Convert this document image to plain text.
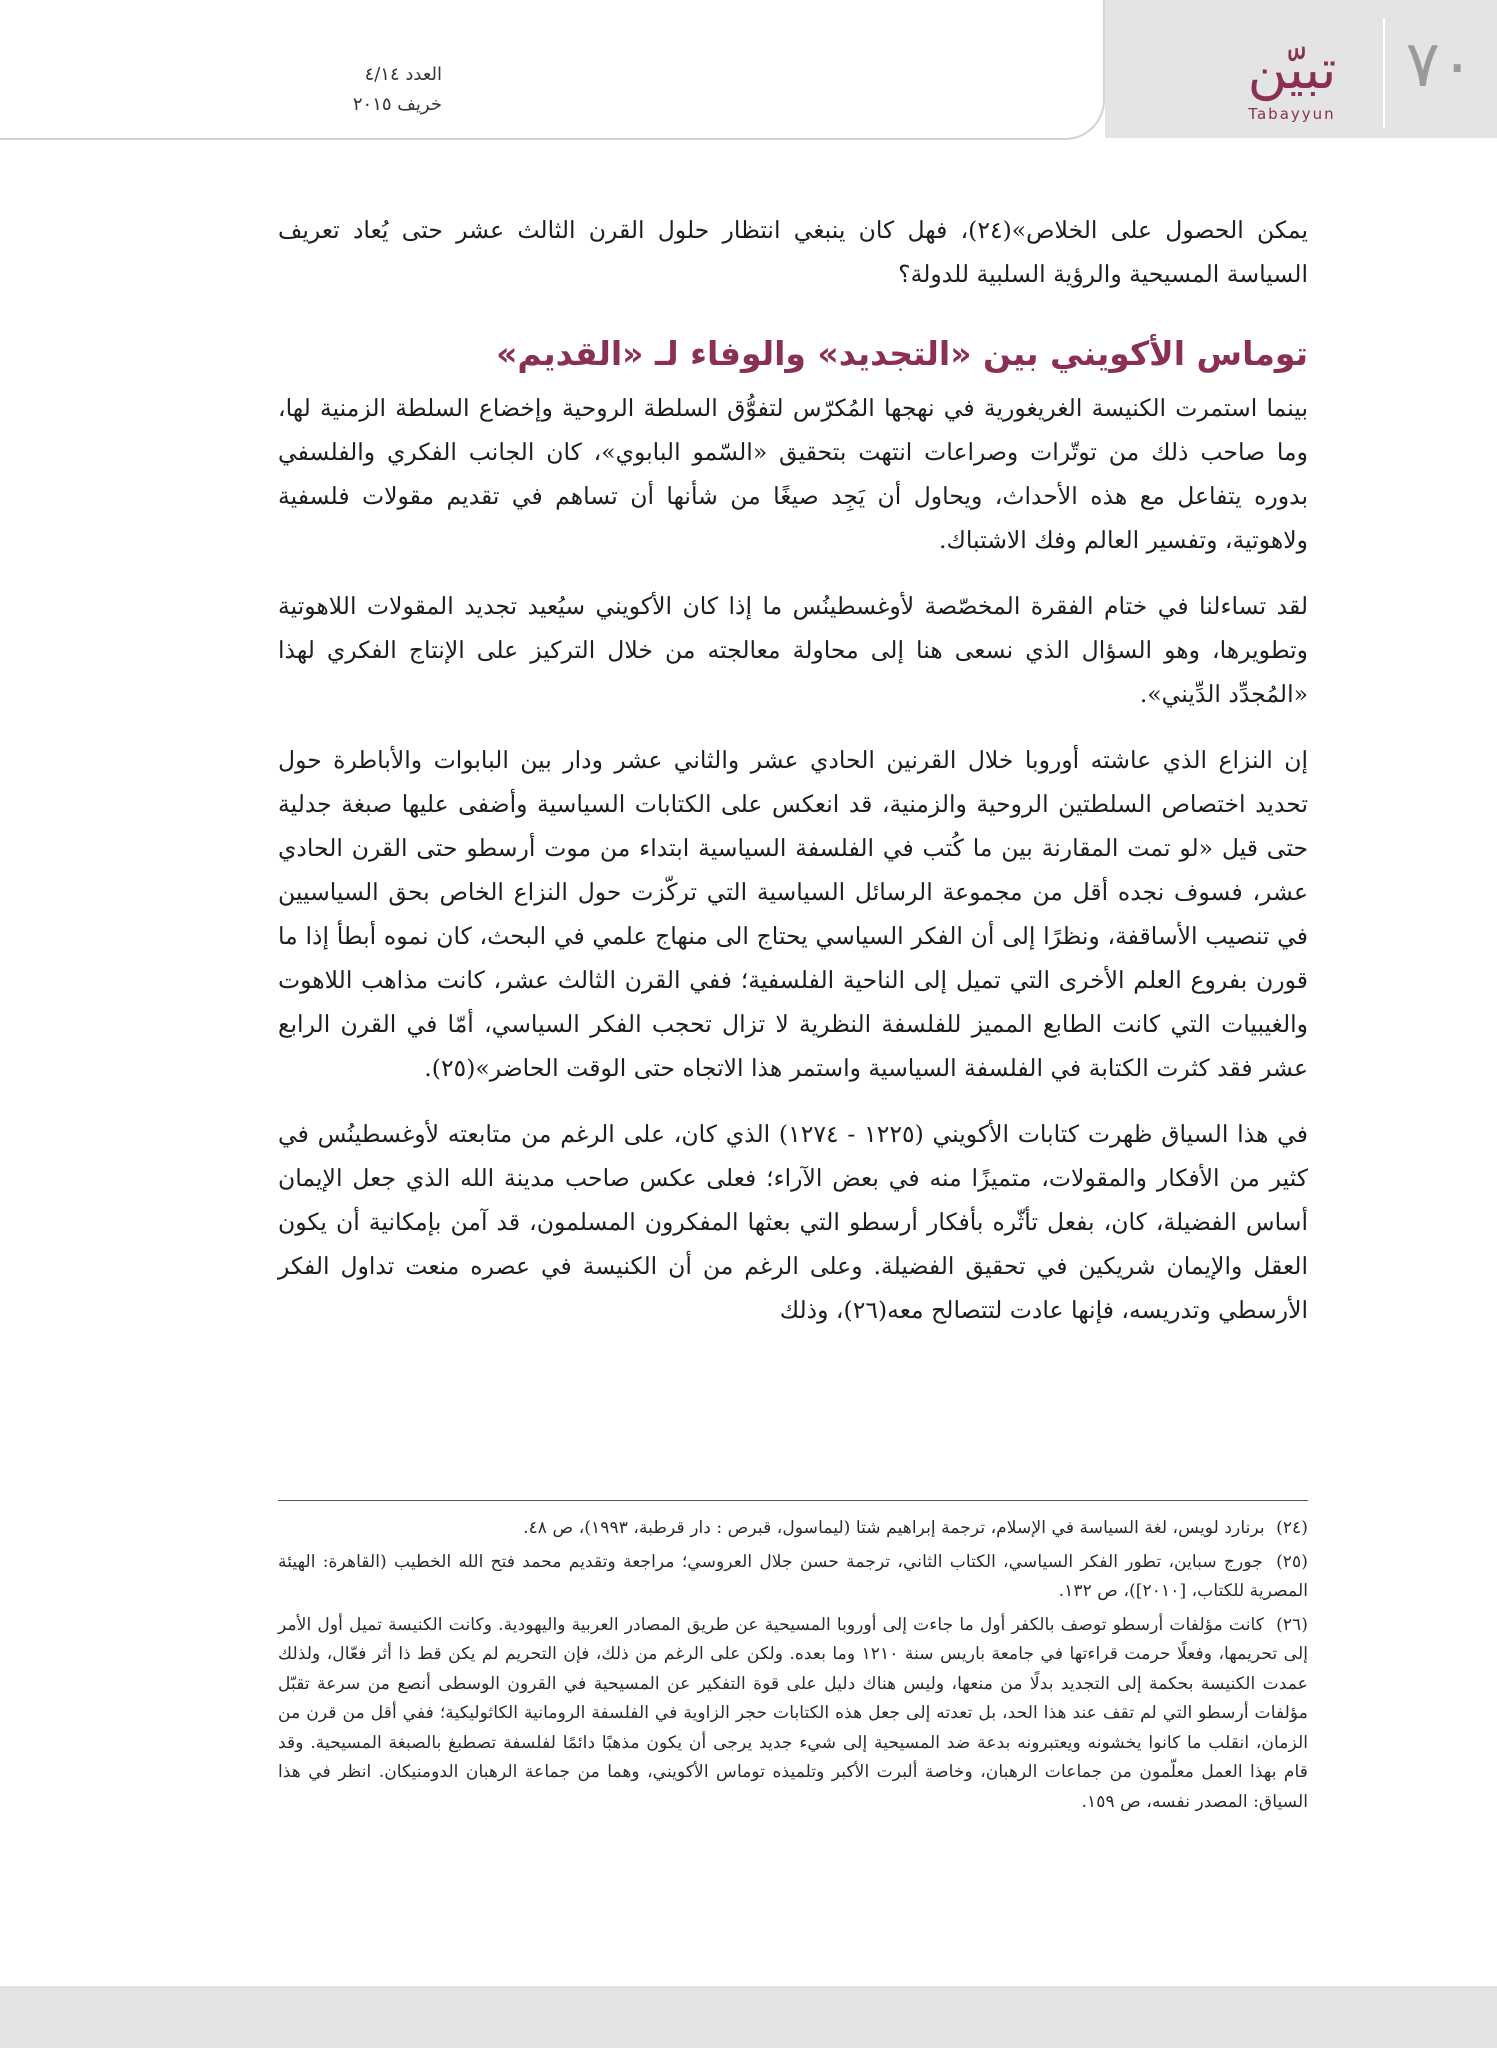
العدد ٤/١٤
خريف ٢٠١٥
٧٠
تبيّن
Tabayyun

يمكن الحصول على الخلاص»(٢٤)، فهل كان ينبغي انتظار حلول القرن الثالث عشر حتى يُعاد تعريف السياسة المسيحية والرؤية السلبية للدولة؟

توماس الأكويني بين «التجديد» والوفاء لـ «القديم»

بينما استمرت الكنيسة الغريغورية في نهجها المُكرّس لتفوُّق السلطة الروحية وإخضاع السلطة الزمنية لها، وما صاحب ذلك من توتّرات وصراعات انتهت بتحقيق «السّمو البابوي»، كان الجانب الفكري والفلسفي بدوره يتفاعل مع هذه الأحداث، ويحاول أن يَجِد صيغًا من شأنها أن تساهم في تقديم مقولات فلسفية ولاهوتية، وتفسير العالم وفك الاشتباك.

لقد تساءلنا في ختام الفقرة المخصّصة لأوغسطينُس ما إذا كان الأكويني سيُعيد تجديد المقولات اللاهوتية وتطويرها، وهو السؤال الذي نسعى هنا إلى محاولة معالجته من خلال التركيز على الإنتاج الفكري لهذا «المُجدِّد الدِّيني».

إن النزاع الذي عاشته أوروبا خلال القرنين الحادي عشر والثاني عشر ودار بين البابوات والأباطرة حول تحديد اختصاص السلطتين الروحية والزمنية، قد انعكس على الكتابات السياسية وأضفى عليها صبغة جدلية حتى قيل «لو تمت المقارنة بين ما كُتب في الفلسفة السياسية ابتداء من موت أرسطو حتى القرن الحادي عشر، فسوف نجده أقل من مجموعة الرسائل السياسية التي تركّزت حول النزاع الخاص بحق السياسيين في تنصيب الأساقفة، ونظرًا إلى أن الفكر السياسي يحتاج الى منهاج علمي في البحث، كان نموه أبطأ إذا ما قورن بفروع العلم الأخرى التي تميل إلى الناحية الفلسفية؛ ففي القرن الثالث عشر، كانت مذاهب اللاهوت والغيبيات التي كانت الطابع المميز للفلسفة النظرية لا تزال تحجب الفكر السياسي، أمّا في القرن الرابع عشر فقد كثرت الكتابة في الفلسفة السياسية واستمر هذا الاتجاه حتى الوقت الحاضر»(٢٥).

في هذا السياق ظهرت كتابات الأكويني (١٢٢٥ - ١٢٧٤) الذي كان، على الرغم من متابعته لأوغسطينُس في كثير من الأفكار والمقولات، متميزًا منه في بعض الآراء؛ فعلى عكس صاحب مدينة الله الذي جعل الإيمان أساس الفضيلة، كان، بفعل تأثّره بأفكار أرسطو التي بعثها المفكرون المسلمون، قد آمن بإمكانية أن يكون العقل والإيمان شريكين في تحقيق الفضيلة. وعلى الرغم من أن الكنيسة في عصره منعت تداول الفكر الأرسطي وتدريسه، فإنها عادت لتتصالح معه(٢٦)، وذلك

(٢٤) برنارد لويس، لغة السياسة في الإسلام، ترجمة إبراهيم شتا (ليماسول، قبرص : دار قرطبة، ١٩٩٣)، ص ٤٨.

(٢٥) جورج سباين، تطور الفكر السياسي، الكتاب الثاني، ترجمة حسن جلال العروسي؛ مراجعة وتقديم محمد فتح الله الخطيب (القاهرة: الهيئة المصرية للكتاب، [٢٠١٠])، ص ١٣٢.

(٢٦) كانت مؤلفات أرسطو توصف بالكفر أول ما جاءت إلى أوروبا المسيحية عن طريق المصادر العربية واليهودية. وكانت الكنيسة تميل أول الأمر إلى تحريمها، وفعلًا حرمت قراءتها في جامعة باريس سنة ١٢١٠ وما بعده. ولكن على الرغم من ذلك، فإن التحريم لم يكن قط ذا أثر فعّال، ولذلك عمدت الكنيسة بحكمة إلى التجديد بدلًا من منعها، وليس هناك دليل على قوة التفكير عن المسيحية في القرون الوسطى أنصع من سرعة تقبّل مؤلفات أرسطو التي لم تقف عند هذا الحد، بل تعدته إلى جعل هذه الكتابات حجر الزاوية في الفلسفة الرومانية الكاثوليكية؛ ففي أقل من قرن من الزمان، انقلب ما كانوا يخشونه ويعتبرونه بدعة ضد المسيحية إلى شيء جديد يرجى أن يكون مذهبًا دائمًا لفلسفة تصطبغ بالصبغة المسيحية. وقد قام بهذا العمل معلّمون من جماعات الرهبان، وخاصة ألبرت الأكبر وتلميذه توماس الأكويني، وهما من جماعة الرهبان الدومنيكان. انظر في هذا السياق: المصدر نفسه، ص ١٥٩.
